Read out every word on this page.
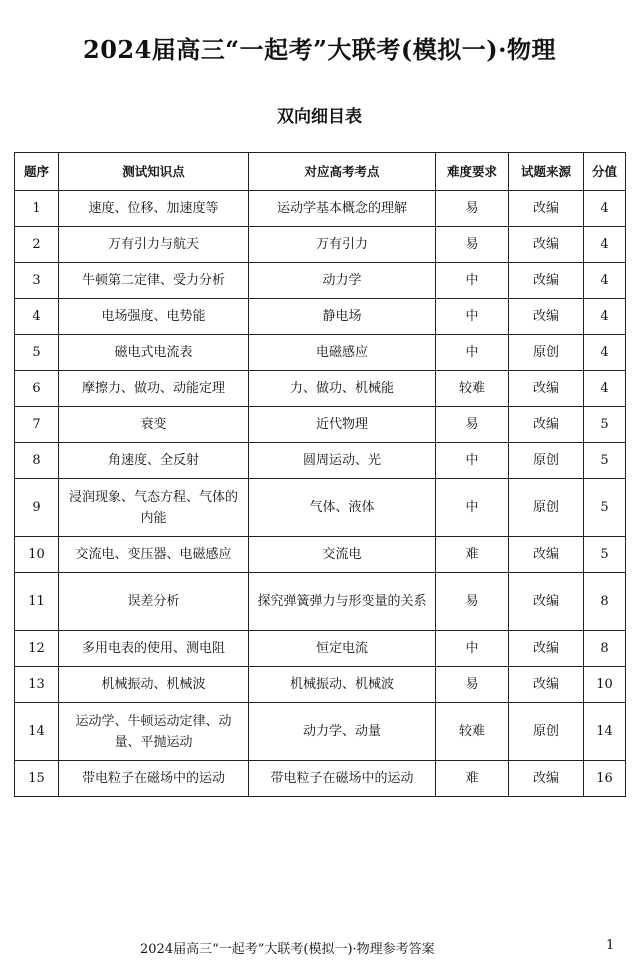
2024届高三“一起考”大联考(模拟一)·物理
双向细目表
题序	测试知识点	对应高考考点	难度要求	试题来源	分值
1	速度、位移、加速度等	运动学基本概念的理解	易	改编	4
2	万有引力与航天	万有引力	易	改编	4
3	牛顿第二定律、受力分析	动力学	中	改编	4
4	电场强度、电势能	静电场	中	改编	4
5	磁电式电流表	电磁感应	中	原创	4
6	摩擦力、做功、动能定理	力、做功、机械能	较难	改编	4
7	衰变	近代物理	易	改编	5
8	角速度、全反射	圆周运动、光	中	原创	5
9	浸润现象、气态方程、气体的内能	气体、液体	中	原创	5
10	交流电、变压器、电磁感应	交流电	难	改编	5
11	误差分析	探究弹簧弹力与形变量的关系	易	改编	8
12	多用电表的使用、测电阻	恒定电流	中	改编	8
13	机械振动、机械波	机械振动、机械波	易	改编	10
14	运动学、牛顿运动定律、动量、平抛运动	动力学、动量	较难	原创	14
15	带电粒子在磁场中的运动	带电粒子在磁场中的运动	难	改编	16
2024届高三“一起考”大联考(模拟一)·物理参考答案	1
